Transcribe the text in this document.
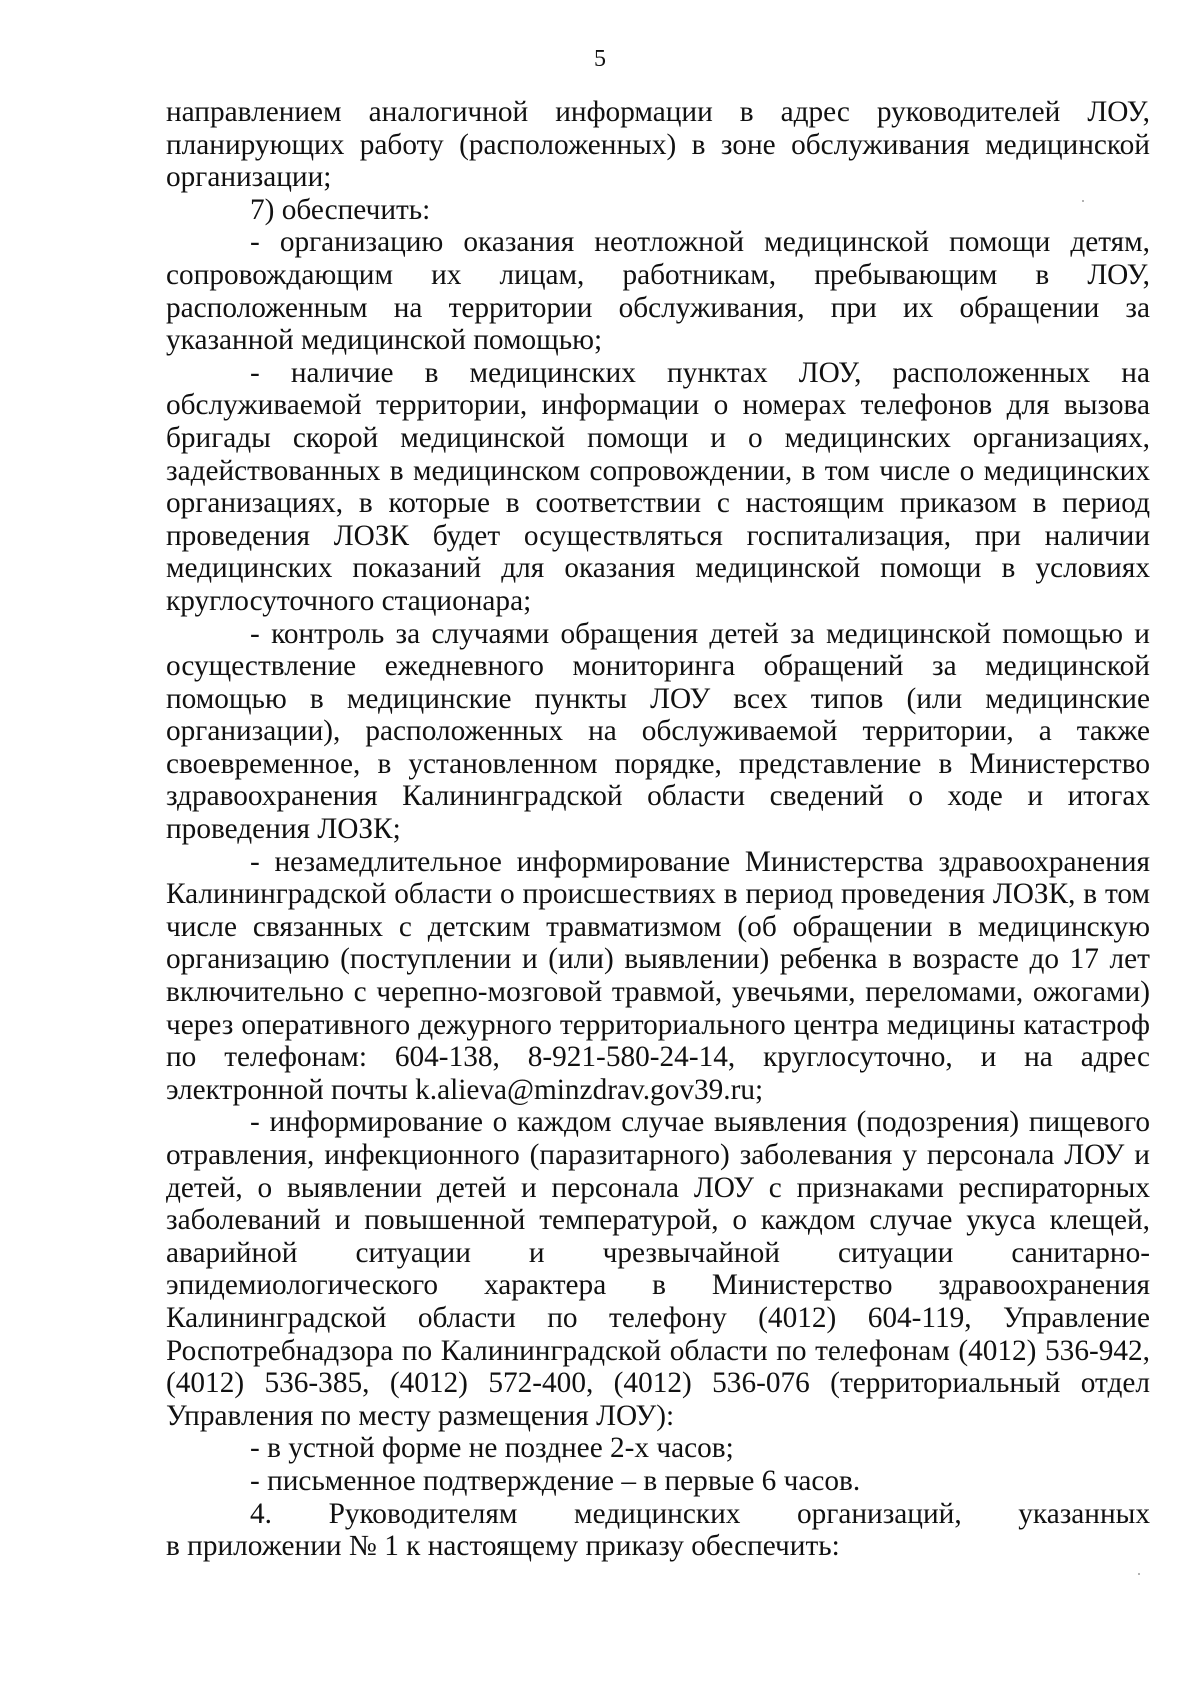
5

направлением аналогичной информации в адрес руководителей ЛОУ, планирующих работу (расположенных) в зоне обслуживания медицинской организации;

7) обеспечить:

- организацию оказания неотложной медицинской помощи детям, сопровождающим их лицам, работникам, пребывающим в ЛОУ, расположенным на территории обслуживания, при их обращении за указанной медицинской помощью;

- наличие в медицинских пунктах ЛОУ, расположенных на обслуживаемой территории, информации о номерах телефонов для вызова бригады скорой медицинской помощи и о медицинских организациях, задействованных в медицинском сопровождении, в том числе о медицинских организациях, в которые в соответствии с настоящим приказом в период проведения ЛОЗК будет осуществляться госпитализация, при наличии медицинских показаний для оказания медицинской помощи в условиях круглосуточного стационара;

- контроль за случаями обращения детей за медицинской помощью и осуществление ежедневного мониторинга обращений за медицинской помощью в медицинские пункты ЛОУ всех типов (или медицинские организации), расположенных на обслуживаемой территории, а также своевременное, в установленном порядке, представление в Министерство здравоохранения Калининградской области сведений о ходе и итогах проведения ЛОЗК;

- незамедлительное информирование Министерства здравоохранения Калининградской области о происшествиях в период проведения ЛОЗК, в том числе связанных с детским травматизмом (об обращении в медицинскую организацию (поступлении и (или) выявлении) ребенка в возрасте до 17 лет включительно с черепно-мозговой травмой, увечьями, переломами, ожогами) через оперативного дежурного территориального центра медицины катастроф по телефонам: 604-138, 8-921-580-24-14, круглосуточно, и на адрес электронной почты k.alieva@minzdrav.gov39.ru;

- информирование о каждом случае выявления (подозрения) пищевого отравления, инфекционного (паразитарного) заболевания у персонала ЛОУ и детей, о выявлении детей и персонала ЛОУ с признаками респираторных заболеваний и повышенной температурой, о каждом случае укуса клещей, аварийной ситуации и чрезвычайной ситуации санитарно-эпидемиологического характера в Министерство здравоохранения Калининградской области по телефону (4012) 604-119, Управление Роспотребнадзора по Калининградской области по телефонам (4012) 536-942, (4012) 536-385, (4012) 572-400, (4012) 536-076 (территориальный отдел Управления по месту размещения ЛОУ):

- в устной форме не позднее 2-х часов;

- письменное подтверждение – в первые 6 часов.

4. Руководителям медицинских организаций, указанных

в приложении № 1 к настоящему приказу обеспечить:
